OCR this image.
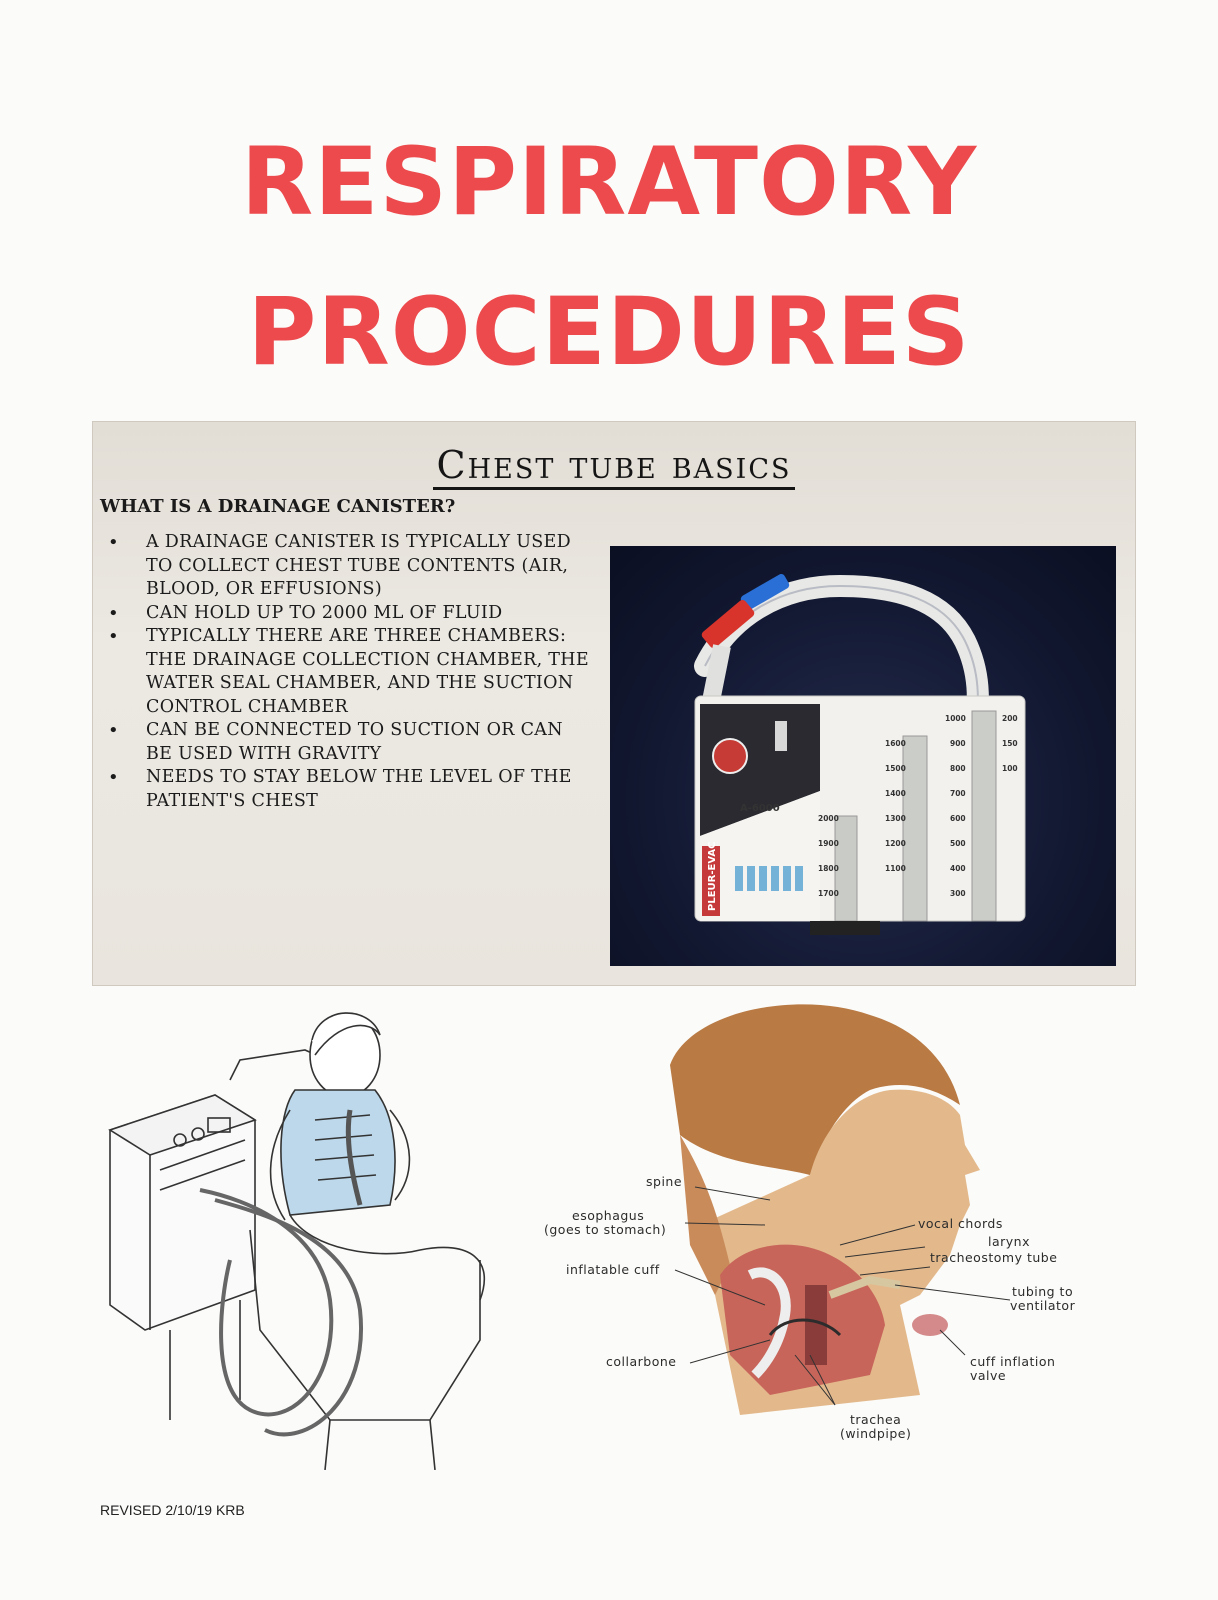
RESPIRATORY
PROCEDURES
Chest tube basics
WHAT IS A DRAINAGE CANISTER?
• A DRAINAGE CANISTER IS TYPICALLY USED TO COLLECT CHEST TUBE CONTENTS (AIR, BLOOD, OR EFFUSIONS)
• CAN HOLD UP TO 2000 ML OF FLUID
• TYPICALLY THERE ARE THREE CHAMBERS: THE DRAINAGE COLLECTION CHAMBER, THE WATER SEAL CHAMBER, AND THE SUCTION CONTROL CHAMBER
• CAN BE CONNECTED TO SUCTION OR CAN BE USED WITH GRAVITY
• NEEDS TO STAY BELOW THE LEVEL OF THE PATIENT'S CHEST
PLEUR-EVAC
A-6000
2000
1900
1800
1700
1600
1500
1400
1300
1200
1100
1000
900
800
700
600
500
400
300
200
150
100
spine
esophagus
(goes to stomach)
inflatable cuff
collarbone
vocal chords
larynx
tracheostomy tube
tubing to
ventilator
cuff inflation
valve
trachea
(windpipe)
REVISED 2/10/19 KRB
